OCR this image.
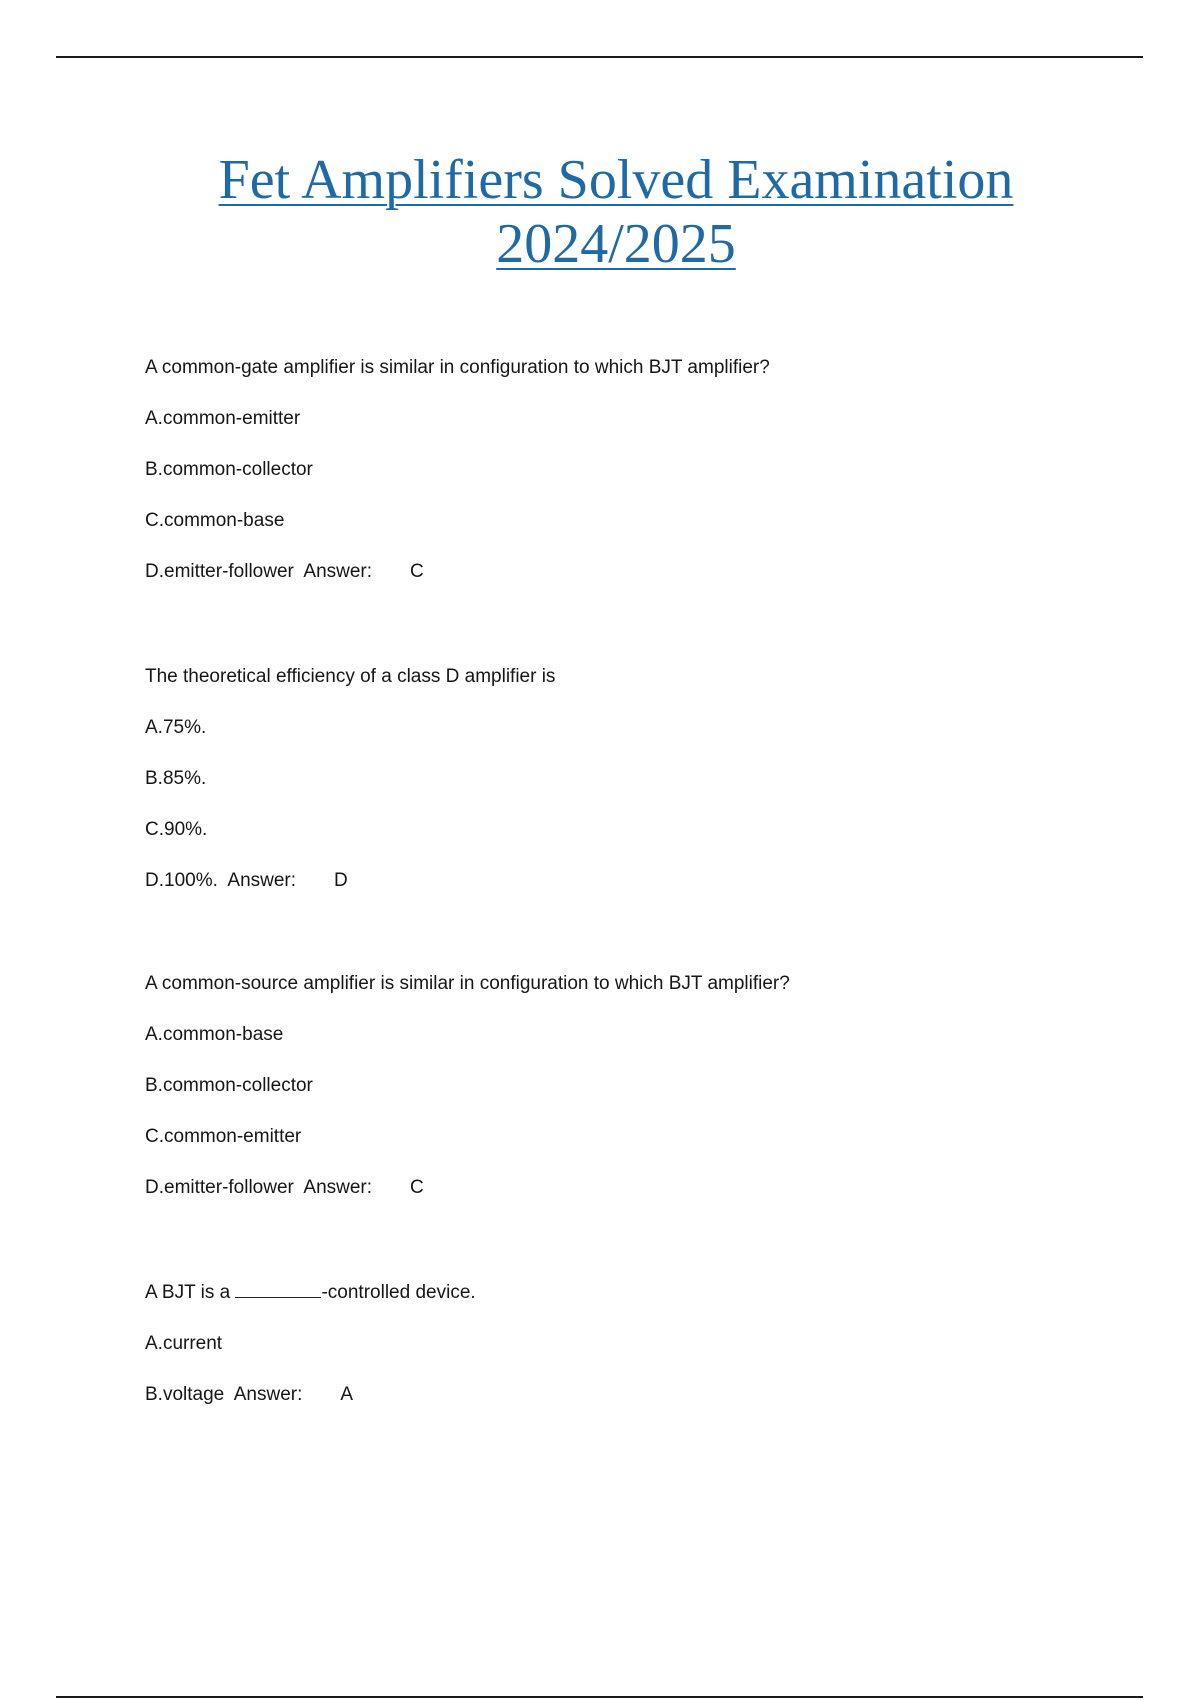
Fet Amplifiers Solved Examination
2024/2025
A common-gate amplifier is similar in configuration to which BJT amplifier?
A.common-emitter
B.common-collector
C.common-base
D.emitter-follower Answer: C
The theoretical efficiency of a class D amplifier is
A.75%.
B.85%.
C.90%.
D.100%. Answer: D
A common-source amplifier is similar in configuration to which BJT amplifier?
A.common-base
B.common-collector
C.common-emitter
D.emitter-follower Answer: C
A BJT is a	-controlled device.
A.current
B.voltage Answer: A
